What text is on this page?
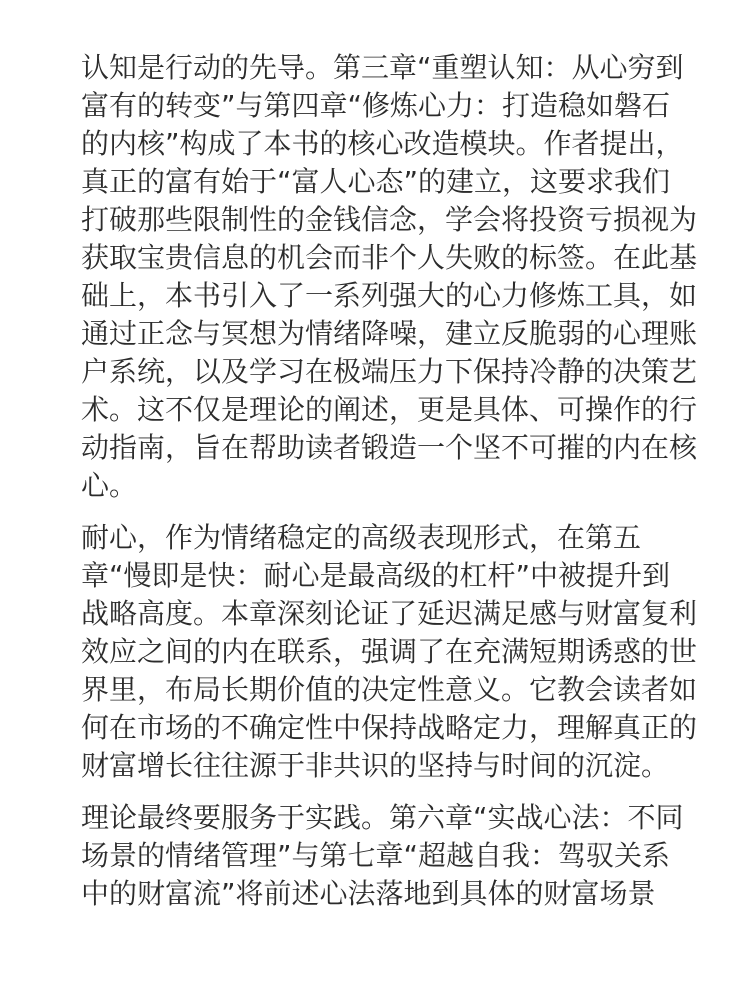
认知是行动的先导。第三章“重塑认知：从心穷到
富有的转变”与第四章“修炼心力：打造稳如磐石
的内核”构成了本书的核心改造模块。作者提出，
真正的富有始于“富人心态”的建立，这要求我们
打破那些限制性的金钱信念，学会将投资亏损视为
获取宝贵信息的机会而非个人失败的标签。在此基
础上，本书引入了一系列强大的心力修炼工具，如
通过正念与冥想为情绪降噪，建立反脆弱的心理账
户系统，以及学习在极端压力下保持冷静的决策艺
术。这不仅是理论的阐述，更是具体、可操作的行
动指南，旨在帮助读者锻造一个坚不可摧的内在核
心。
耐心，作为情绪稳定的高级表现形式，在第五
章“慢即是快：耐心是最高级的杠杆”中被提升到
战略高度。本章深刻论证了延迟满足感与财富复利
效应之间的内在联系，强调了在充满短期诱惑的世
界里，布局长期价值的决定性意义。它教会读者如
何在市场的不确定性中保持战略定力，理解真正的
财富增长往往源于非共识的坚持与时间的沉淀。
理论最终要服务于实践。第六章“实战心法：不同
场景的情绪管理”与第七章“超越自我：驾驭关系
中的财富流”将前述心法落地到具体的财富场景
